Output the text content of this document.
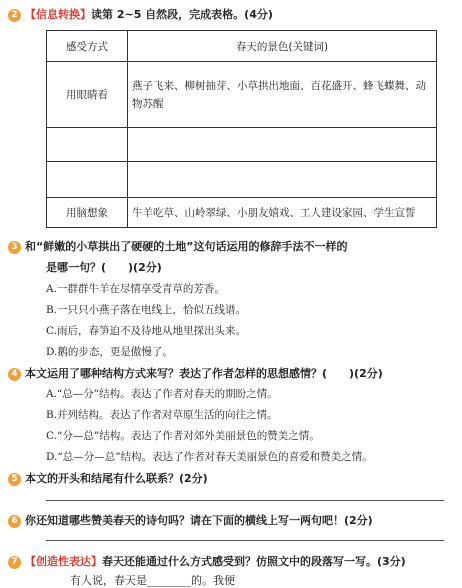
2 【信息转换】读第 2~5 自然段，完成表格。(4分)
感受方式	春天的景色(关键词)
用眼睛看	燕子飞来、柳树抽芽、小草拱出地面、百花盛开、蜂飞蝶舞、动物苏醒

用脑想象	牛羊吃草、山岭翠绿、小朋友嬉戏、工人建设家园、学生宣誓
3 和“鲜嫩的小草拱出了硬硬的土地”这句话运用的修辞手法不一样的
是哪一句？(　　)(2分)
A.一群群牛羊在尽情享受青草的芳香。
B.一只只小燕子落在电线上，恰似五线谱。
C.雨后，春笋迫不及待地从地里探出头来。
D.鹅的步态，更是傲慢了。
4 本文运用了哪种结构方式来写？表达了作者怎样的思想感情？(　　)(2分)
A.“总—分”结构。表达了作者对春天的期盼之情。
B.并列结构。表达了作者对草原生活的向往之情。
C.“分—总”结构。表达了作者对郊外美丽景色的赞美之情。
D.“总—分—总”结构。表达了作者对春天美丽景色的喜爱和赞美之情。
5 本文的开头和结尾有什么联系？(2分)
6 你还知道哪些赞美春天的诗句吗？请在下面的横线上写一两句吧！(2分)
7 【创造性表达】春天还能通过什么方式感受到？仿照文中的段落写一写。(3分)
有人说，春天是________的。我便
